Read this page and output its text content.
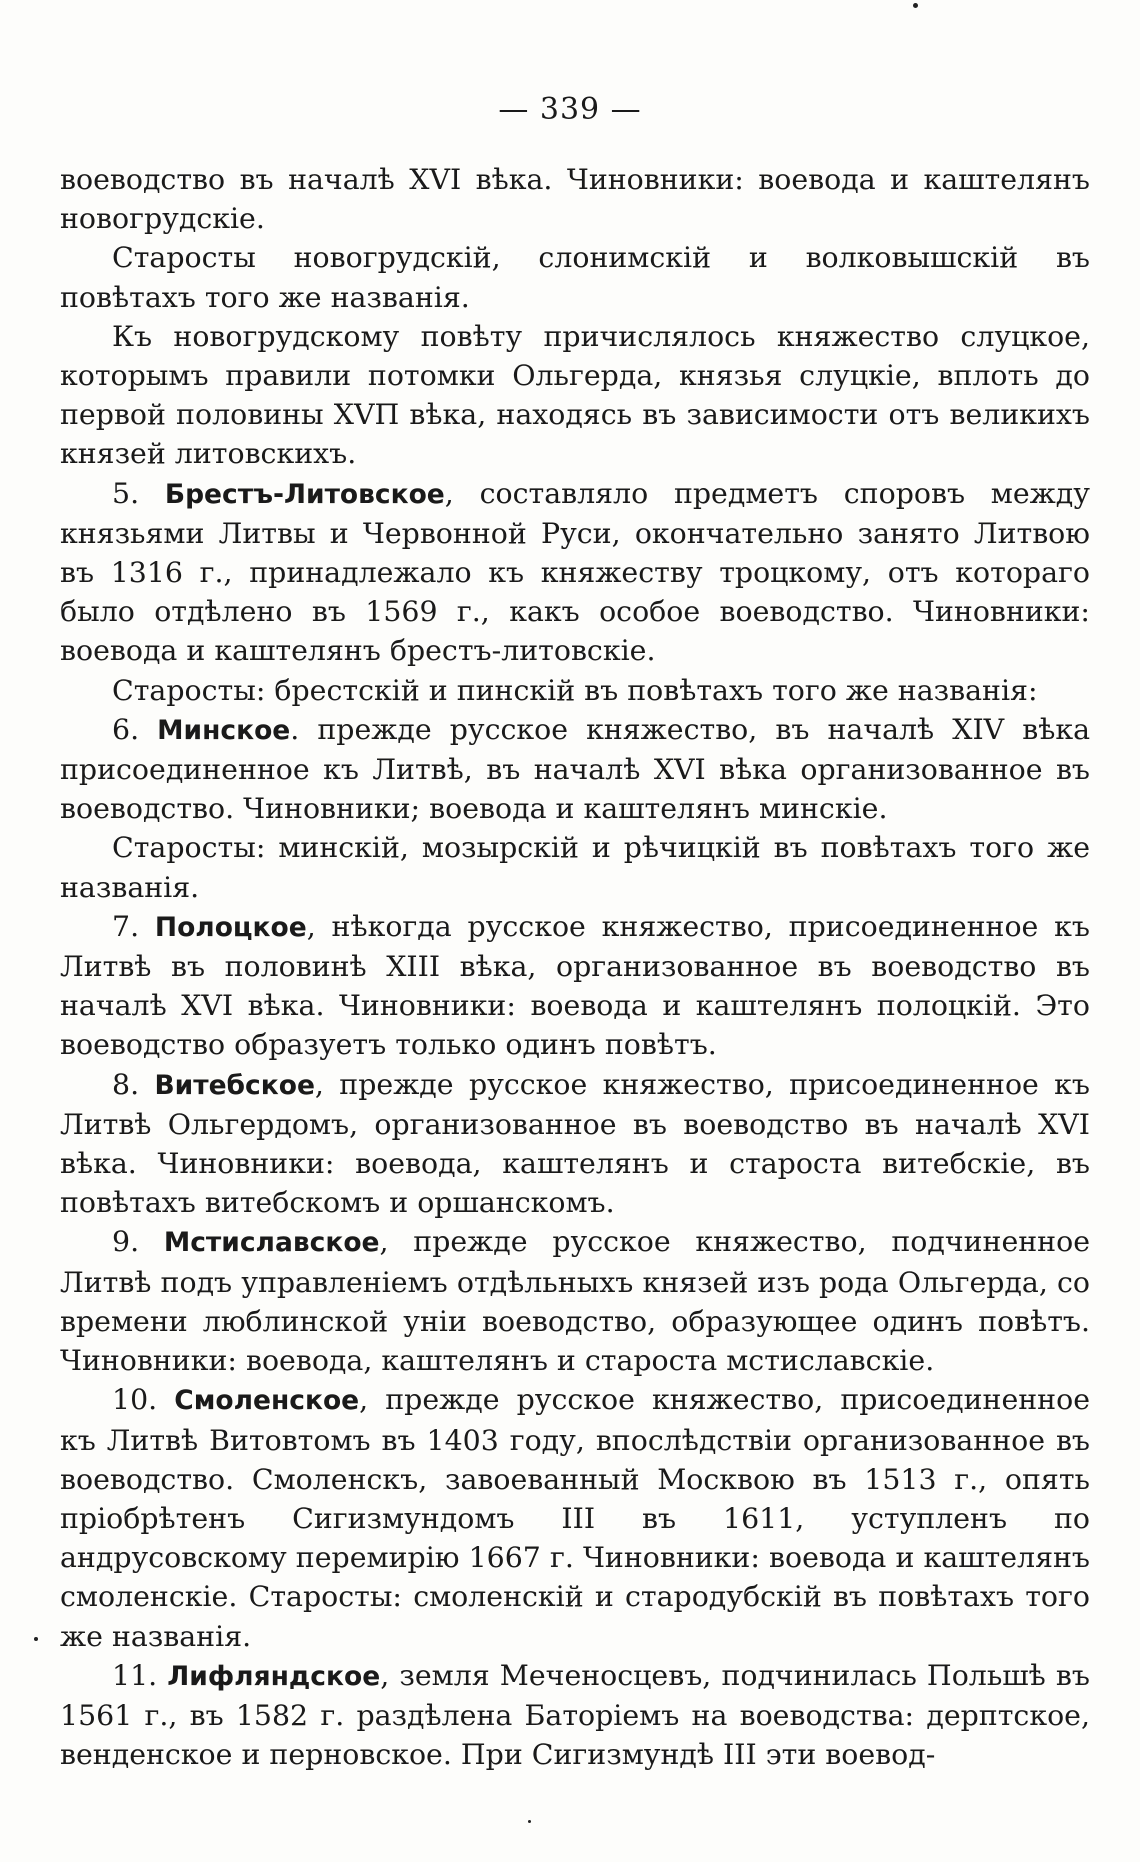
— 339 —

воеводство въ началѣ XVI вѣка. Чиновники: воевода и каштелянъ новогрудскіе.

Старосты новогрудскій, слонимскій и волковышскій въ повѣтахъ того же названія.

Къ новогрудскому повѣту причислялось княжество слуцкое, которымъ правили потомки Ольгерда, князья слуцкіе, вплоть до первой половины XVП вѣка, находясь въ зависимости отъ великихъ князей литовскихъ.

5. Брестъ-Литовское, составляло предметъ споровъ между князьями Литвы и Червонной Руси, окончательно занято Литвою въ 1316 г., принадлежало къ княжеству троцкому, отъ котораго было отдѣлено въ 1569 г., какъ особое воеводство. Чиновники: воевода и каштелянъ брестъ-литовскіе.

Старосты: брестскій и пинскій въ повѣтахъ того же названія:

6. Минское. прежде русское княжество, въ началѣ XIV вѣка присоединенное къ Литвѣ, въ началѣ XVI вѣка организованное въ воеводство. Чиновники; воевода и каштелянъ минскіе.

Старосты: минскій, мозырскій и рѣчицкій въ повѣтахъ того же названія.

7. Полоцкое, нѣкогда русское княжество, присоединенное къ Литвѣ въ половинѣ XIII вѣка, организованное въ воеводство въ началѣ XVI вѣка. Чиновники: воевода и каштелянъ полоцкій. Это воеводство образуетъ только одинъ повѣтъ.

8. Витебское, прежде русское княжество, присоединенное къ Литвѣ Ольгердомъ, организованное въ воеводство въ началѣ XVI вѣка. Чиновники: воевода, каштелянъ и староста витебскіе, въ повѣтахъ витебскомъ и оршанскомъ.

9. Мстиславское, прежде русское княжество, подчиненное Литвѣ подъ управленіемъ отдѣльныхъ князей изъ рода Ольгерда, со времени люблинской уніи воеводство, образующее одинъ повѣтъ. Чиновники: воевода, каштелянъ и староста мстиславскіе.

10. Смоленское, прежде русское княжество, присоединенное къ Литвѣ Витовтомъ въ 1403 году, впослѣдствіи организованное въ воеводство. Смоленскъ, завоеванный Москвою въ 1513 г., опять пріобрѣтенъ Сигизмундомъ III въ 1611, уступленъ по андрусовскому перемирію 1667 г. Чиновники: воевода и каштелянъ смоленскіе. Старосты: смоленскій и стародубскій въ повѣтахъ того же названія.

11. Лифляндское, земля Меченосцевъ, подчинилась Польшѣ въ 1561 г., въ 1582 г. раздѣлена Баторіемъ на воеводства: дерптское, венденское и перновское. При Сигизмундѣ III эти воевод-
